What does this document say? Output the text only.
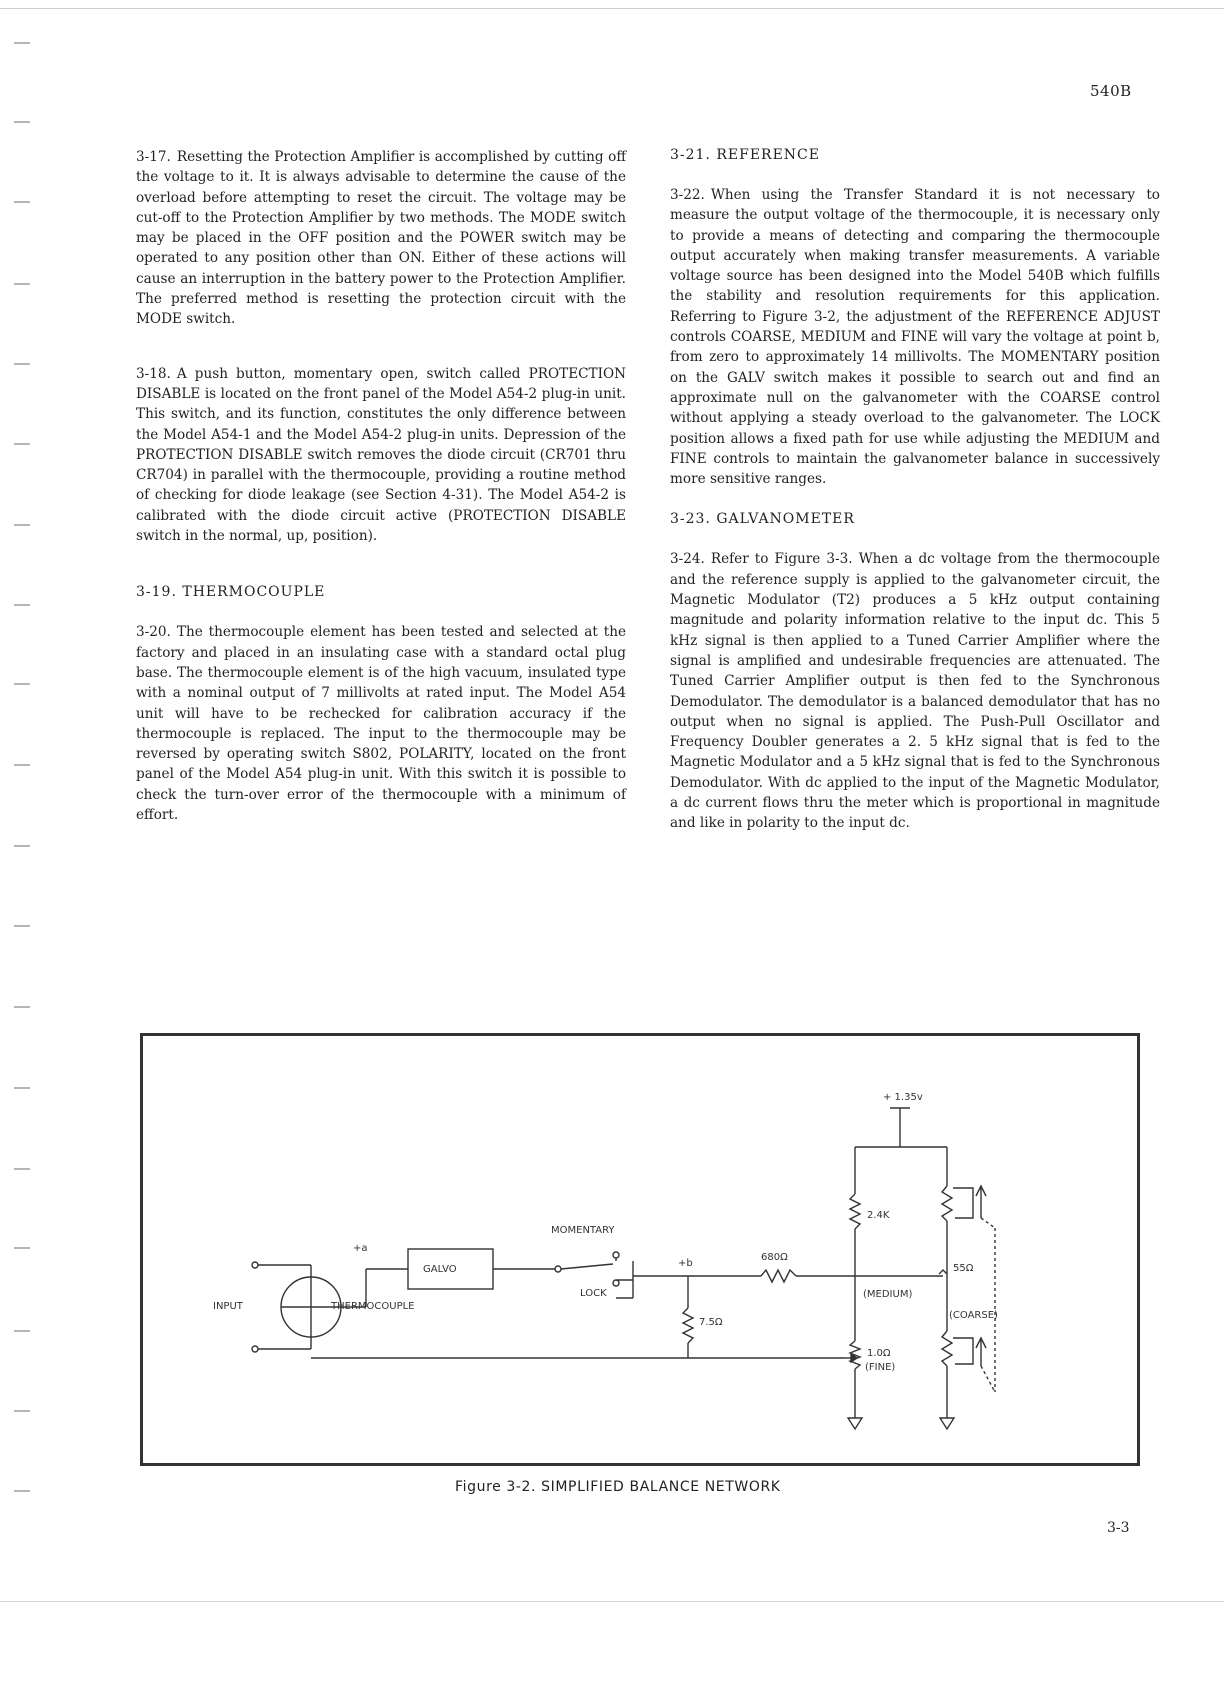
540B

3-17. Resetting the Protection Amplifier is accomplished by cutting off the voltage to it. It is always advisable to determine the cause of the overload before attempting to reset the circuit. The voltage may be cut-off to the Protection Amplifier by two methods. The MODE switch may be placed in the OFF position and the POWER switch may be operated to any position other than ON. Either of these actions will cause an interruption in the battery power to the Protection Amplifier. The preferred method is resetting the protection circuit with the MODE switch.

3-18. A push button, momentary open, switch called PROTECTION DISABLE is located on the front panel of the Model A54-2 plug-in unit. This switch, and its function, constitutes the only difference between the Model A54-1 and the Model A54-2 plug-in units. Depression of the PROTECTION DISABLE switch removes the diode circuit (CR701 thru CR704) in parallel with the thermocouple, providing a routine method of checking for diode leakage (see Section 4-31). The Model A54-2 is calibrated with the diode circuit active (PROTECTION DISABLE switch in the normal, up, position).

3-19. THERMOCOUPLE

3-20. The thermocouple element has been tested and selected at the factory and placed in an insulating case with a standard octal plug base. The thermocouple element is of the high vacuum, insulated type with a nominal output of 7 millivolts at rated input. The Model A54 unit will have to be rechecked for calibration accuracy if the thermocouple is replaced. The input to the thermocouple may be reversed by operating switch S802, POLARITY, located on the front panel of the Model A54 plug-in unit. With this switch it is possible to check the turn-over error of the thermocouple with a minimum of effort.

3-21. REFERENCE

3-22. When using the Transfer Standard it is not necessary to measure the output voltage of the thermocouple, it is necessary only to provide a means of detecting and comparing the thermocouple output accurately when making transfer measurements. A variable voltage source has been designed into the Model 540B which fulfills the stability and resolution requirements for this application. Referring to Figure 3-2, the adjustment of the REFERENCE ADJUST controls COARSE, MEDIUM and FINE will vary the voltage at point b, from zero to approximately 14 millivolts. The MOMENTARY position on the GALV switch makes it possible to search out and find an approximate null on the galvanometer with the COARSE control without applying a steady overload to the galvanometer. The LOCK position allows a fixed path for use while adjusting the MEDIUM and FINE controls to maintain the galvanometer balance in successively more sensitive ranges.

3-23. GALVANOMETER

3-24. Refer to Figure 3-3. When a dc voltage from the thermocouple and the reference supply is applied to the galvanometer circuit, the Magnetic Modulator (T2) produces a 5 kHz output containing magnitude and polarity information relative to the input dc. This 5 kHz signal is then applied to a Tuned Carrier Amplifier where the signal is amplified and undesirable frequencies are attenuated. The Tuned Carrier Amplifier output is then fed to the Synchronous Demodulator. The demodulator is a balanced demodulator that has no output when no signal is applied. The Push-Pull Oscillator and Frequency Doubler generates a 2. 5 kHz signal that is fed to the Magnetic Modulator and a 5 kHz signal that is fed to the Synchronous Demodulator. With dc applied to the input of the Magnetic Modulator, a dc current flows thru the meter which is proportional in magnitude and like in polarity to the input dc.

+ 1.35v
2.4K
MOMENTARY
LOCK
+a
+b
GALVO
INPUT	THERMOCOUPLE
680Ω
7.5Ω
55Ω
(MEDIUM)
(COARSE)
1.0Ω
(FINE)
Figure 3-2. SIMPLIFIED BALANCE NETWORK
3-3
